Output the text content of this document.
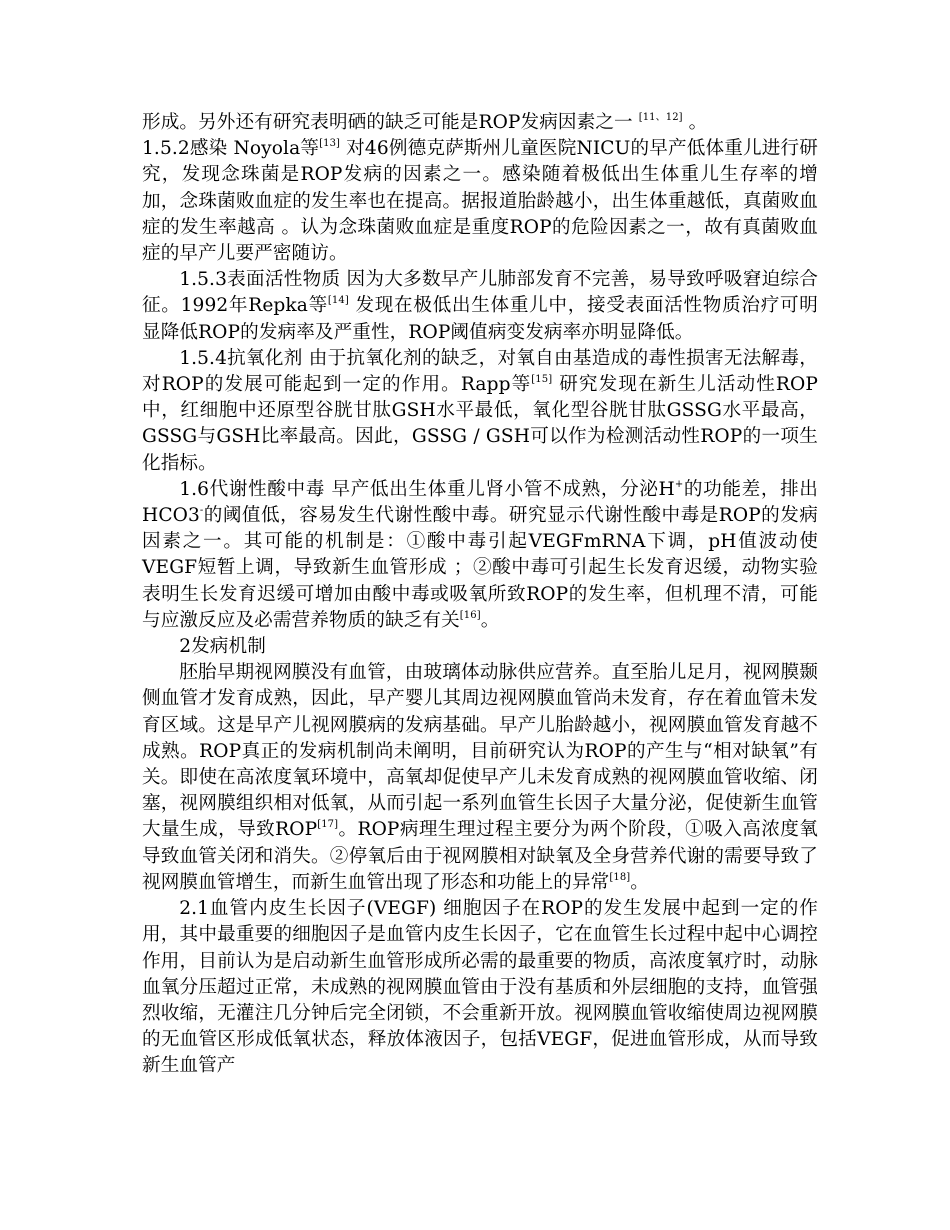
形成。另外还有研究表明硒的缺乏可能是ROP发病因素之一 [11、12] 。

1.5.2感染 Noyola等[13] 对46例德克萨斯州儿童医院NICU的早产低体重儿进行研究，发现念珠菌是ROP发病的因素之一。感染随着极低出生体重儿生存率的增加，念珠菌败血症的发生率也在提高。据报道胎龄越小，出生体重越低，真菌败血症的发生率越高 。认为念珠菌败血症是重度ROP的危险因素之一，故有真菌败血症的早产儿要严密随访。

1.5.3表面活性物质 因为大多数早产儿肺部发育不完善，易导致呼吸窘迫综合征。1992年Repka等[14] 发现在极低出生体重儿中，接受表面活性物质治疗可明显降低ROP的发病率及严重性，ROP阈值病变发病率亦明显降低。

1.5.4抗氧化剂 由于抗氧化剂的缺乏，对氧自由基造成的毒性损害无法解毒，对ROP的发展可能起到一定的作用。Rapp等[15] 研究发现在新生儿活动性ROP中，红细胞中还原型谷胱甘肽GSH水平最低，氧化型谷胱甘肽GSSG水平最高，GSSG与GSH比率最高。因此，GSSG / GSH可以作为检测活动性ROP的一项生化指标。

1.6代谢性酸中毒 早产低出生体重儿肾小管不成熟，分泌H+的功能差，排出HCO3-的阈值低，容易发生代谢性酸中毒。研究显示代谢性酸中毒是ROP的发病因素之一。其可能的机制是：①酸中毒引起VEGFmRNA下调，pH值波动使VEGF短暂上调，导致新生血管形成 ；②酸中毒可引起生长发育迟缓，动物实验表明生长发育迟缓可增加由酸中毒或吸氧所致ROP的发生率，但机理不清，可能与应激反应及必需营养物质的缺乏有关[16]。

2发病机制

胚胎早期视网膜没有血管，由玻璃体动脉供应营养。直至胎儿足月，视网膜颞侧血管才发育成熟，因此，早产婴儿其周边视网膜血管尚未发育，存在着血管未发育区域。这是早产儿视网膜病的发病基础。早产儿胎龄越小，视网膜血管发育越不成熟。ROP真正的发病机制尚未阐明，目前研究认为ROP的产生与“相对缺氧”有关。即使在高浓度氧环境中，高氧却促使早产儿未发育成熟的视网膜血管收缩、闭塞，视网膜组织相对低氧，从而引起一系列血管生长因子大量分泌，促使新生血管大量生成，导致ROP[17]。ROP病理生理过程主要分为两个阶段，①吸入高浓度氧导致血管关闭和消失。②停氧后由于视网膜相对缺氧及全身营养代谢的需要导致了视网膜血管增生，而新生血管出现了形态和功能上的异常[18]。

2.1血管内皮生长因子(VEGF) 细胞因子在ROP的发生发展中起到一定的作用，其中最重要的细胞因子是血管内皮生长因子，它在血管生长过程中起中心调控作用，目前认为是启动新生血管形成所必需的最重要的物质，高浓度氧疗时，动脉血氧分压超过正常，未成熟的视网膜血管由于没有基质和外层细胞的支持，血管强烈收缩，无灌注几分钟后完全闭锁，不会重新开放。视网膜血管收缩使周边视网膜的无血管区形成低氧状态，释放体液因子，包括VEGF，促进血管形成，从而导致新生血管产
